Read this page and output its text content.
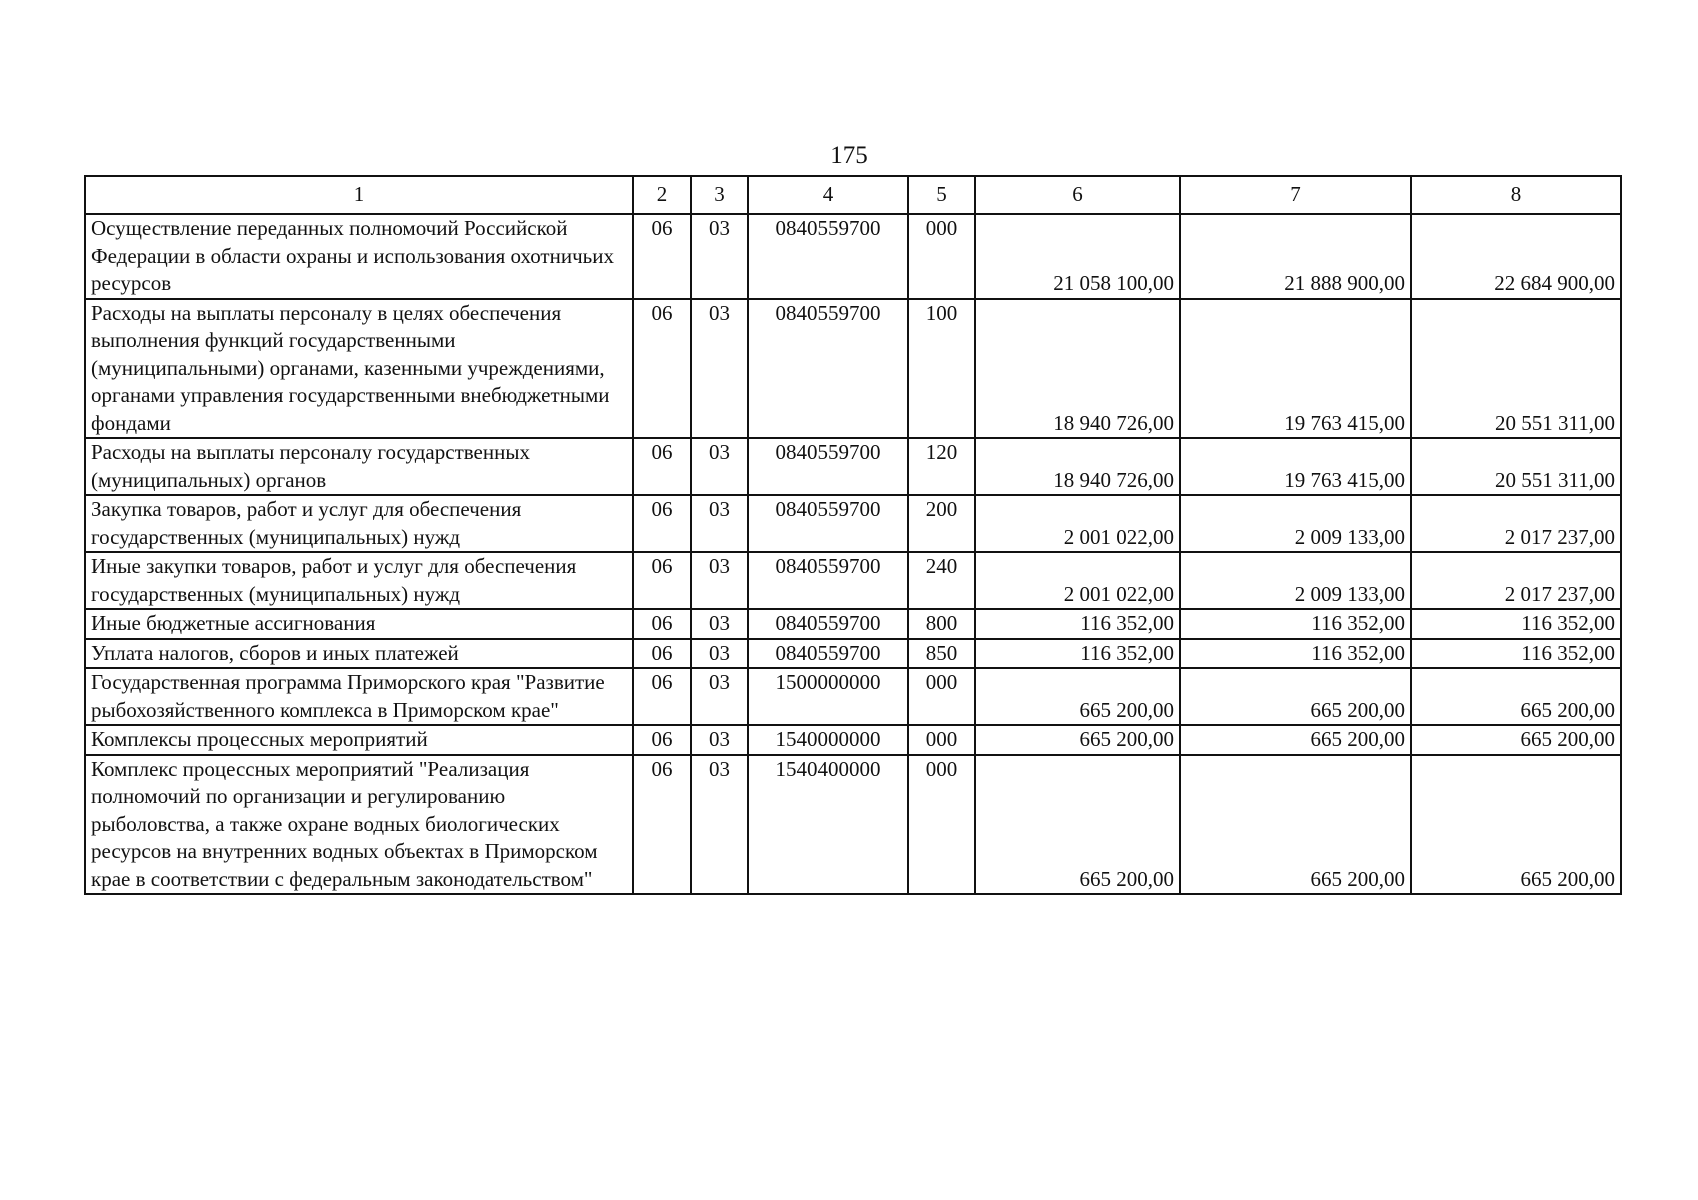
175
1	2	3	4	5	6	7	8
Осуществление переданных полномочий Российской Федерации в области охраны и использования охотничьих ресурсов	06	03	0840559700	000	21 058 100,00	21 888 900,00	22 684 900,00
Расходы на выплаты персоналу в целях обеспечения выполнения функций государственными (муниципальными) органами, казенными учреждениями, органами управления государственными внебюджетными фондами	06	03	0840559700	100	18 940 726,00	19 763 415,00	20 551 311,00
Расходы на выплаты персоналу государственных (муниципальных) органов	06	03	0840559700	120	18 940 726,00	19 763 415,00	20 551 311,00
Закупка товаров, работ и услуг для обеспечения государственных (муниципальных) нужд	06	03	0840559700	200	2 001 022,00	2 009 133,00	2 017 237,00
Иные закупки товаров, работ и услуг для обеспечения государственных (муниципальных) нужд	06	03	0840559700	240	2 001 022,00	2 009 133,00	2 017 237,00
Иные бюджетные ассигнования	06	03	0840559700	800	116 352,00	116 352,00	116 352,00
Уплата налогов, сборов и иных платежей	06	03	0840559700	850	116 352,00	116 352,00	116 352,00
Государственная программа Приморского края "Развитие рыбохозяйственного комплекса в Приморском крае"	06	03	1500000000	000	665 200,00	665 200,00	665 200,00
Комплексы процессных мероприятий	06	03	1540000000	000	665 200,00	665 200,00	665 200,00
Комплекс процессных мероприятий "Реализация полномочий по организации и регулированию рыболовства, а также охране водных биологических ресурсов на внутренних водных объектах в Приморском крае в соответствии с федеральным законодательством"	06	03	1540400000	000	665 200,00	665 200,00	665 200,00
